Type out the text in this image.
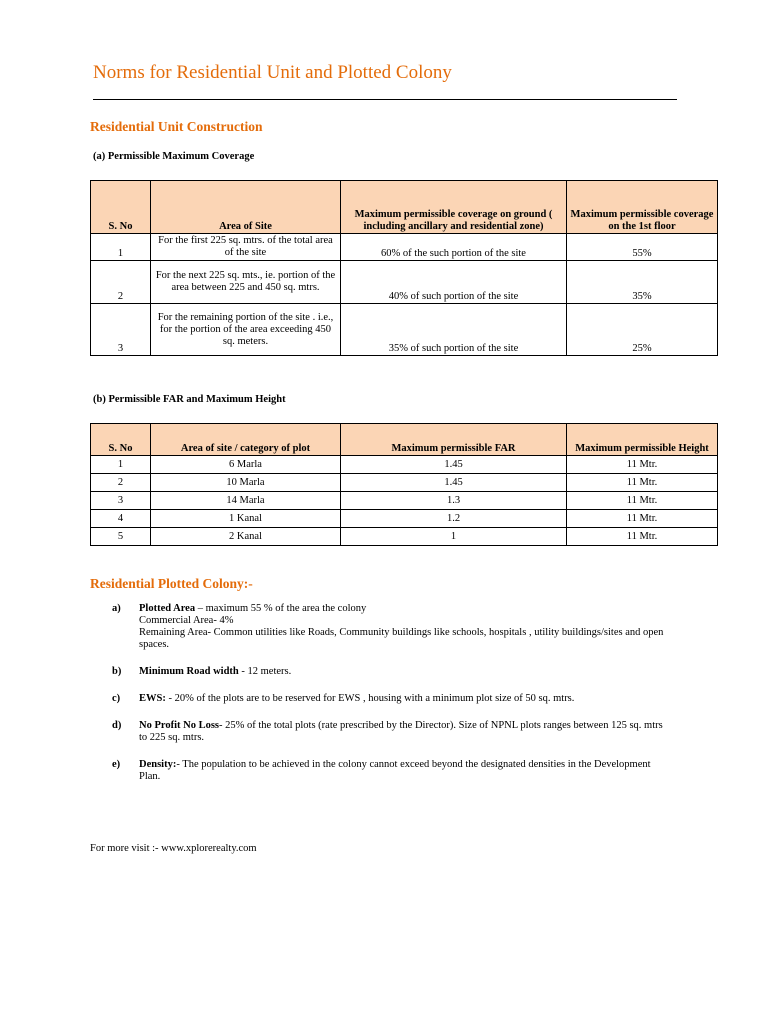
Norms for Residential Unit and Plotted Colony
Residential Unit Construction
(a) Permissible Maximum Coverage
S. No	Area of Site	Maximum permissible coverage on ground ( including ancillary and residential zone)	Maximum permissible coverage on the 1st floor
1	For the first 225 sq. mtrs. of the total area of the site	60% of the such portion of the site	55%
2	For the next 225 sq. mts., ie. portion of the area between 225 and 450 sq. mtrs.	40% of such portion of the site	35%
3	For the remaining portion of the site . i.e., for the portion of the area exceeding 450 sq. meters.	35% of such portion of the site	25%
(b) Permissible FAR and Maximum Height
S. No	Area of site / category of plot	Maximum permissible FAR	Maximum permissible Height
1	6 Marla	1.45	11 Mtr.
2	10 Marla	1.45	11 Mtr.
3	14 Marla	1.3	11 Mtr.
4	1 Kanal	1.2	11 Mtr.
5	2 Kanal	1	11 Mtr.
Residential Plotted Colony:-
a) Plotted Area – maximum 55 % of the area the colony
Commercial Area- 4%
Remaining Area- Common utilities like Roads, Community buildings like schools, hospitals , utility buildings/sites and open spaces.
b) Minimum Road width - 12 meters.
c) EWS: - 20% of the plots are to be reserved for EWS , housing with a minimum plot size of 50 sq. mtrs.
d) No Profit No Loss- 25% of the total plots (rate prescribed by the Director). Size of NPNL plots ranges between 125 sq. mtrs to 225 sq. mtrs.
e) Density:- The population to be achieved in the colony cannot exceed beyond the designated densities in the Development Plan.
For more visit :- www.xplorerealty.com
